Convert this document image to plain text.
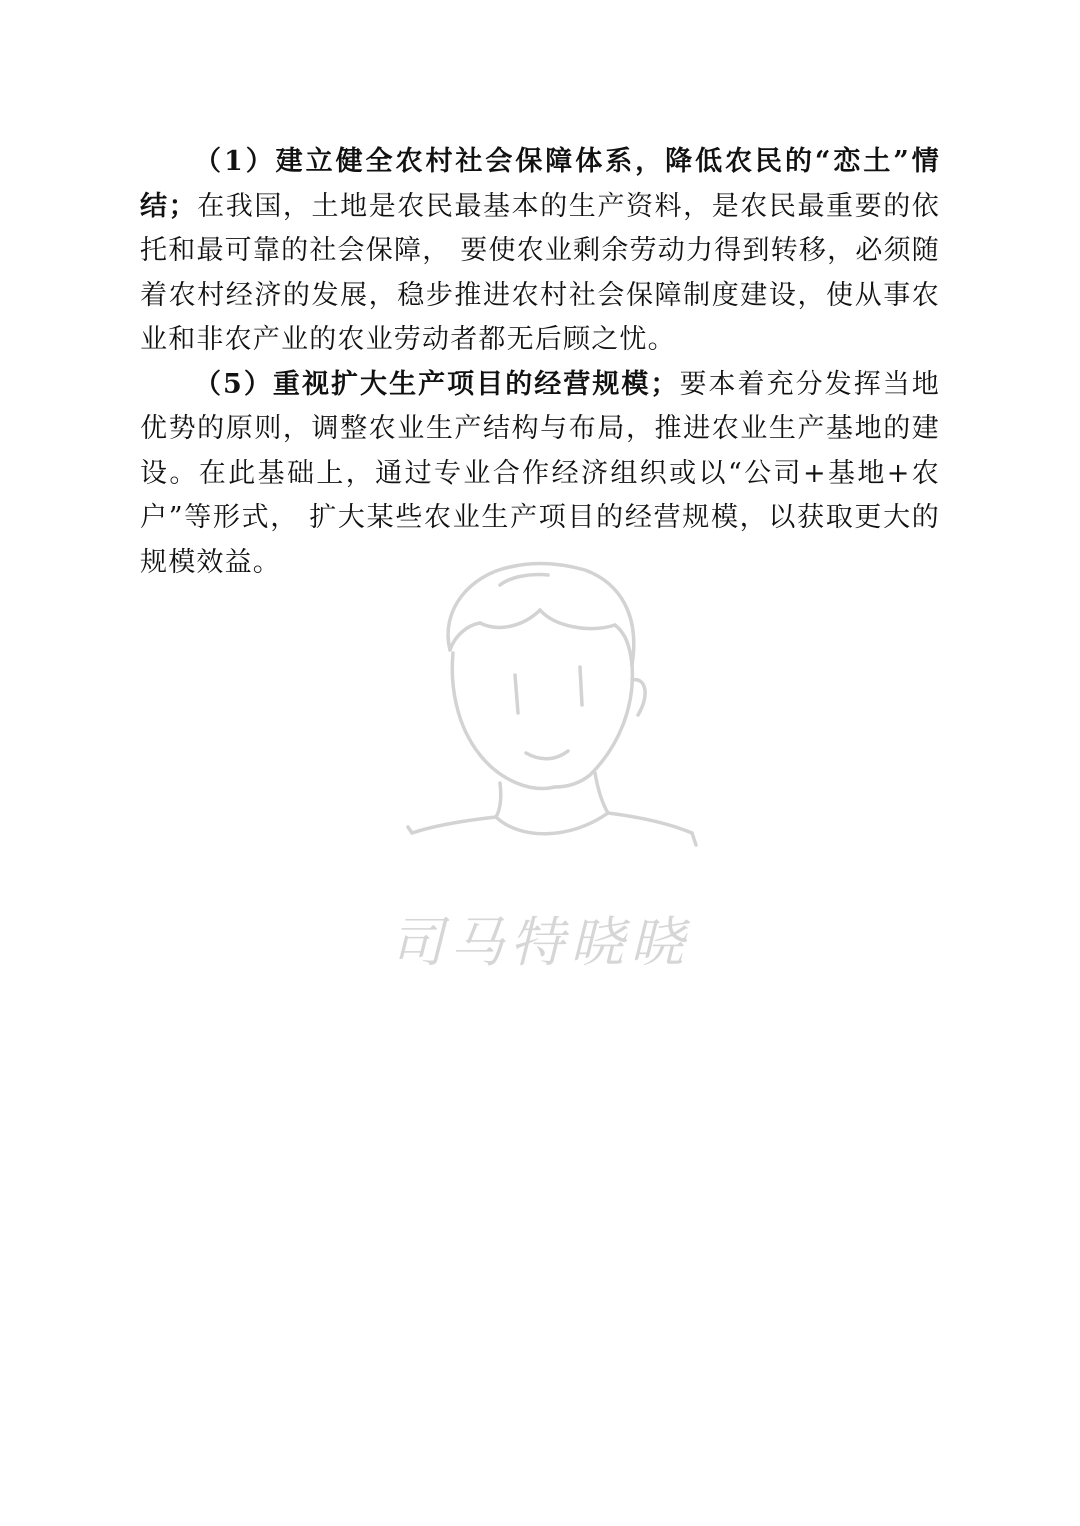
（1）建立健全农村社会保障体系，降低农民的“恋土”情结；在我国，土地是农民最基本的生产资料，是农民最重要的依托和最可靠的社会保障， 要使农业剩余劳动力得到转移，必须随着农村经济的发展，稳步推进农村社会保障制度建设，使从事农业和非农产业的农业劳动者都无后顾之忧。

（5）重视扩大生产项目的经营规模；要本着充分发挥当地优势的原则，调整农业生产结构与布局，推进农业生产基地的建设。在此基础上，通过专业合作经济组织或以“公司+基地+农户”等形式， 扩大某些农业生产项目的经营规模，以获取更大的规模效益。

司马特晓晓
